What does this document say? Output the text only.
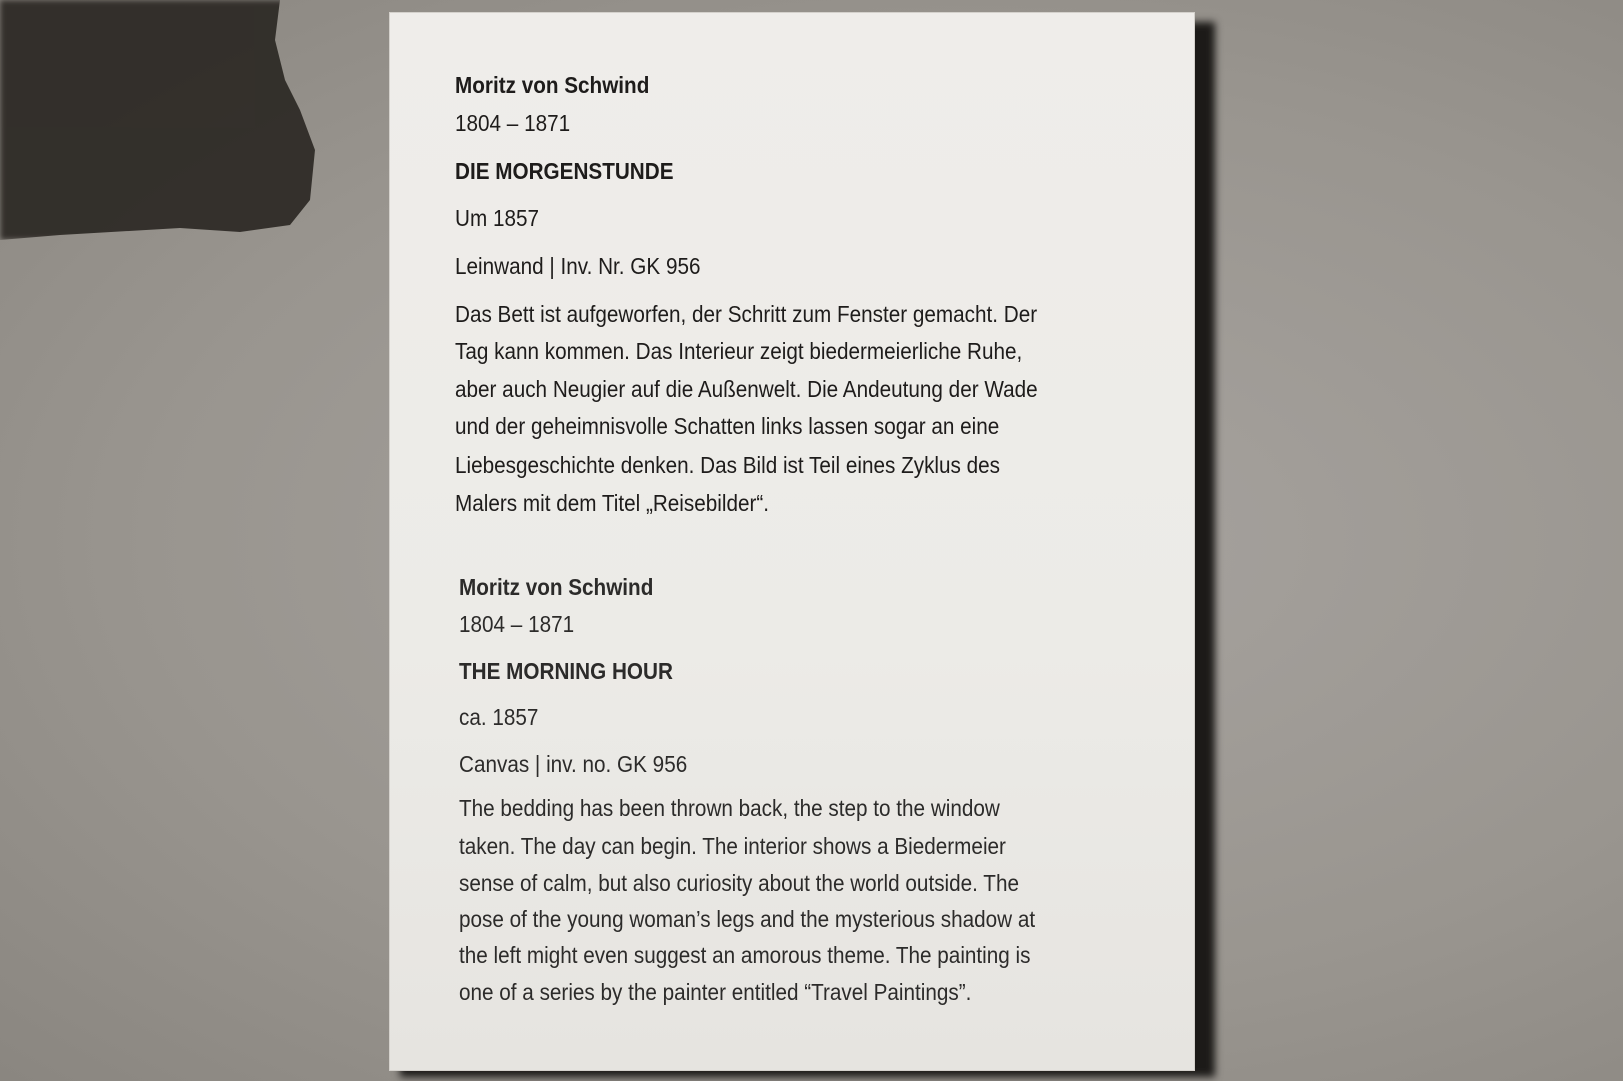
Moritz von Schwind
1804 – 1871
DIE MORGENSTUNDE
Um 1857
Leinwand | Inv. Nr. GK 956
Das Bett ist aufgeworfen, der Schritt zum Fenster gemacht. Der
Tag kann kommen. Das Interieur zeigt biedermeierliche Ruhe,
aber auch Neugier auf die Außenwelt. Die Andeutung der Wade
und der geheimnisvolle Schatten links lassen sogar an eine
Liebesgeschichte denken. Das Bild ist Teil eines Zyklus des
Malers mit dem Titel „Reisebilder“.
Moritz von Schwind
1804 – 1871
THE MORNING HOUR
ca. 1857
Canvas | inv. no. GK 956
The bedding has been thrown back, the step to the window
taken. The day can begin. The interior shows a Biedermeier
sense of calm, but also curiosity about the world outside. The
pose of the young woman’s legs and the mysterious shadow at
the left might even suggest an amorous theme. The painting is
one of a series by the painter entitled “Travel Paintings”.
